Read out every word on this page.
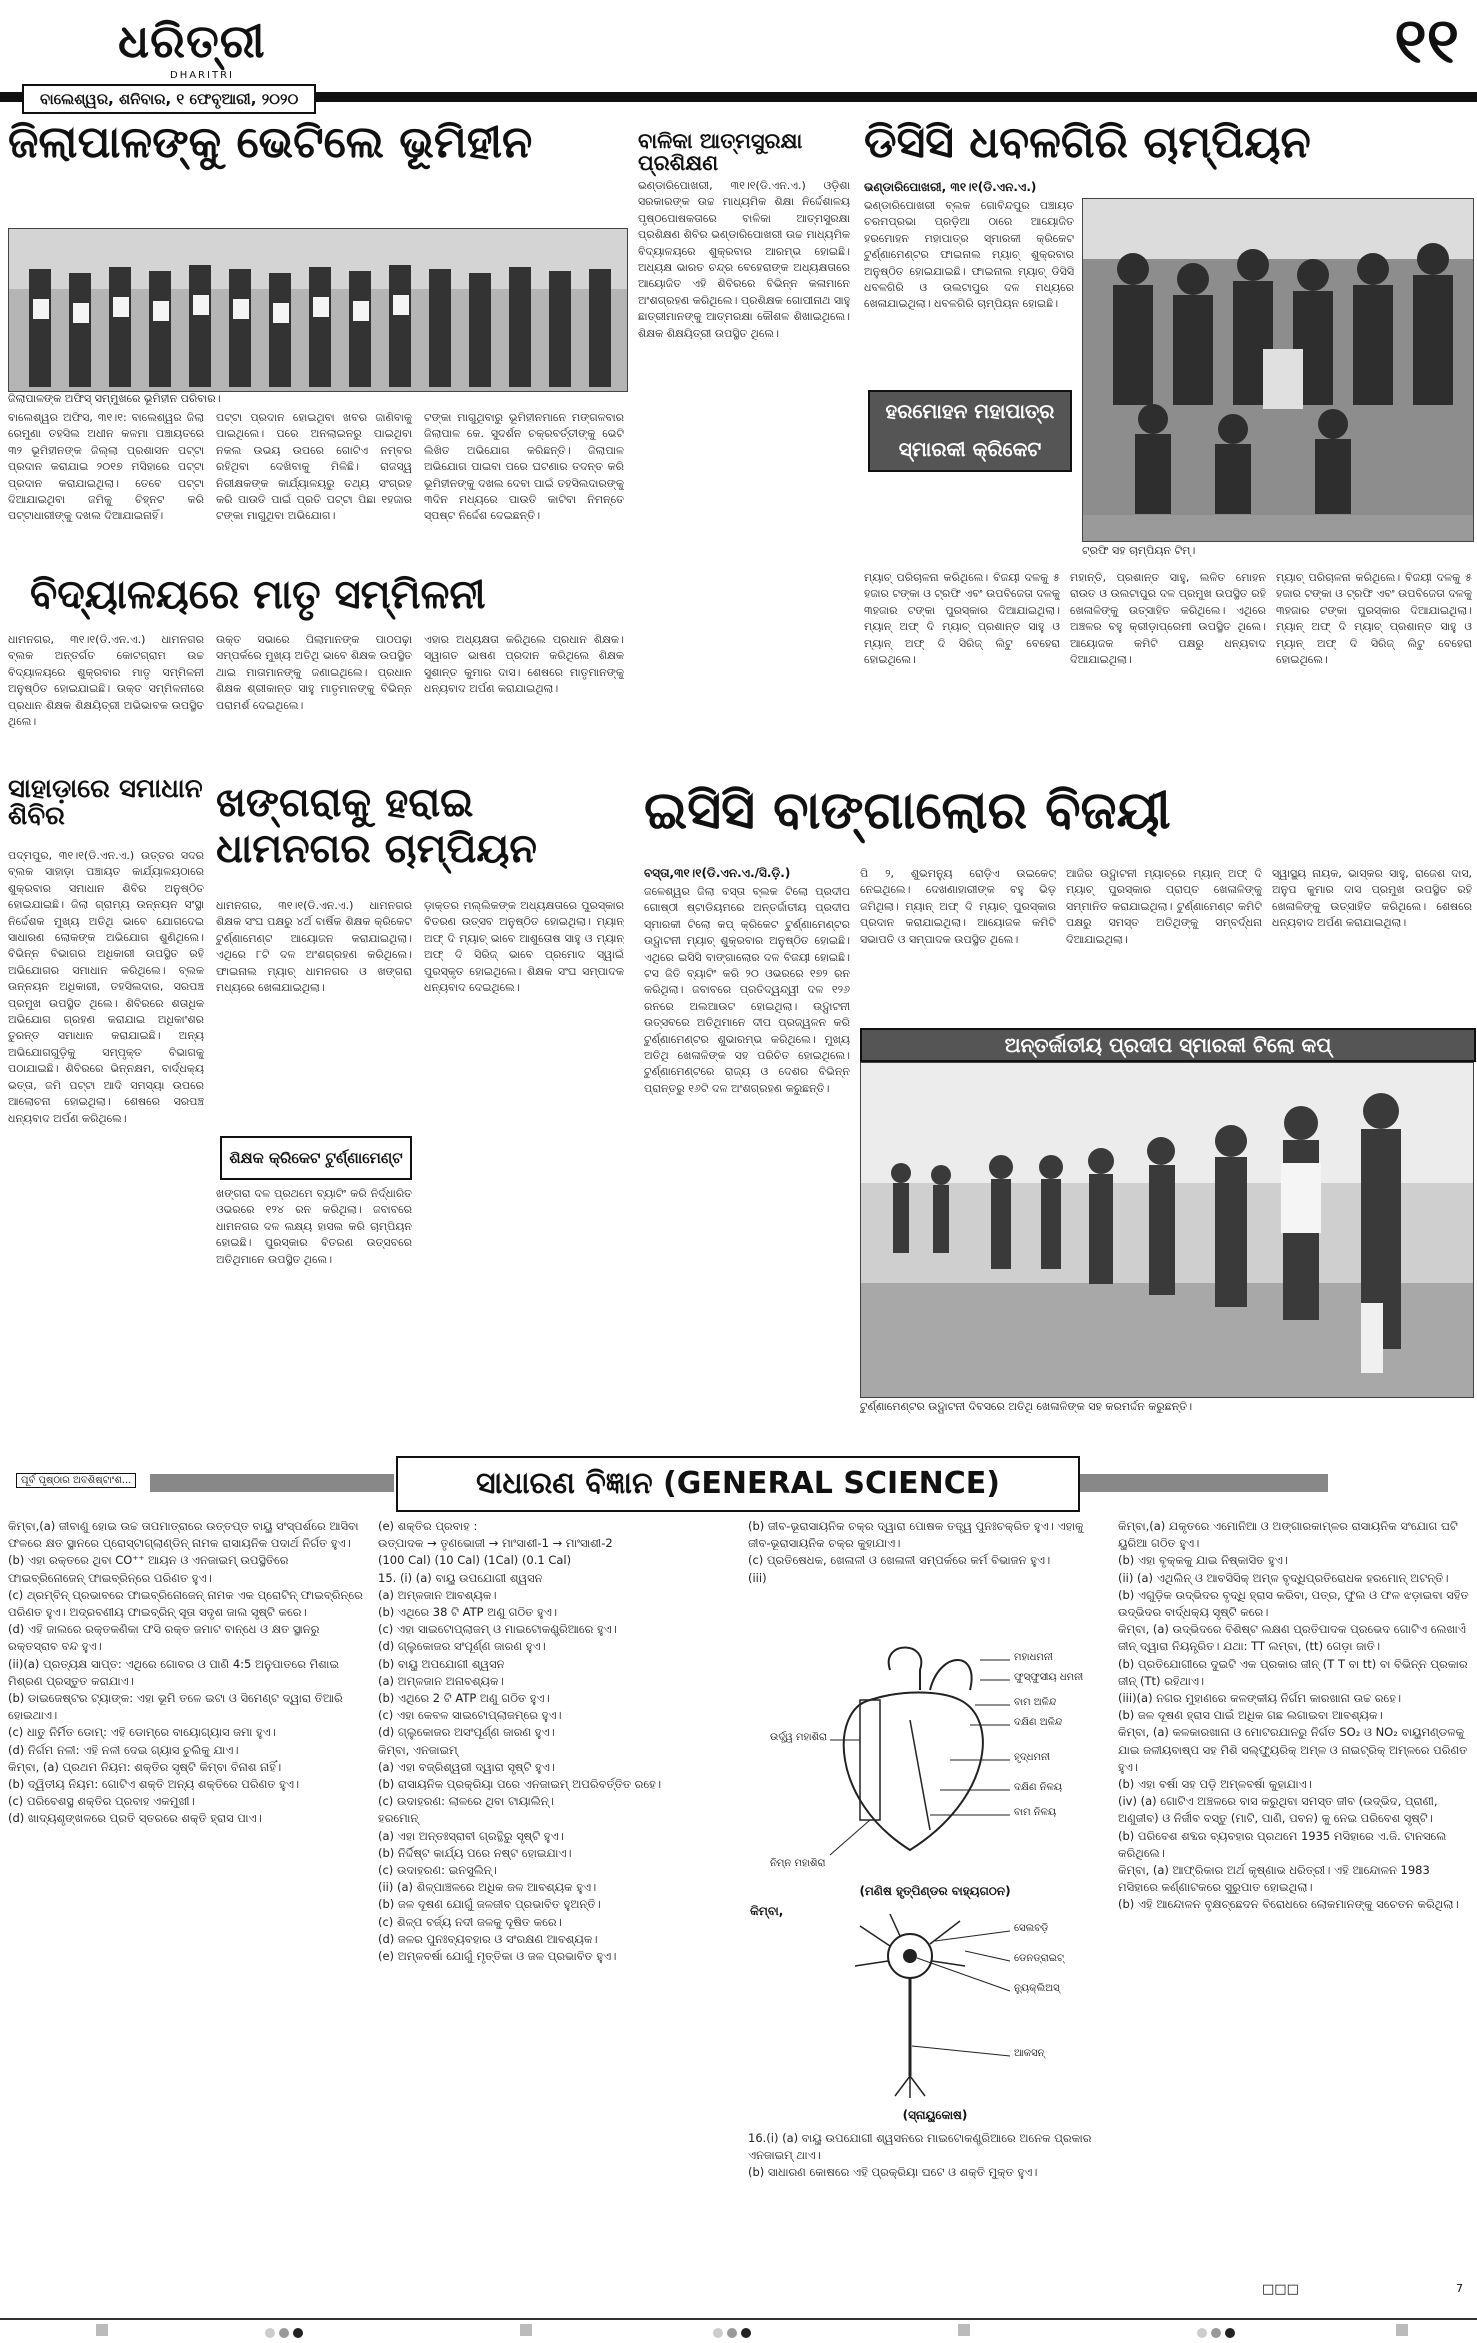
ଧରିତ୍ରୀ
DHARITRI	୧୧
ବାଲେଶ୍ୱର, ଶନିବାର, ୧ ଫେବୃଆରୀ, ୨୦୨୦
ଜିଲାପାଳଙ୍କୁ ଭେଟିଲେ ଭୂମିହୀନ
ଜିଲାପାଳଙ୍କ ଅଫିସ୍ ସମ୍ମୁଖରେ ଭୂମିହୀନ ପରିବାର।
ବାଲେଶ୍ୱର ଅଫିସ, ୩୧।୧: ବାଲେଶ୍ୱର ଜିଲା ରେମୁଣା ତହସିଲ ଅଧୀନ କଳମା ପଞ୍ଚାୟତରେ ୩୨ ଭୂମିହୀନଙ୍କ ଜିଲ୍ଲା ପ୍ରଶାସନ ପଟ୍ଟା ପ୍ରଦାନ କରାଯାଇ ୨୦୧୭ ମସିହାରେ ପଟ୍ଟା ପ୍ରଦାନ କରାଯାଇଥିଲା। ତେବେ ପଟ୍ଟା ଦିଆଯାଇଥିବା ଜମିକୁ ଚିହ୍ନଟ କରି ପଟ୍ଟାଧାରୀଙ୍କୁ ଦଖଲ ଦିଆଯାଇନାହିଁ।
ପଟ୍ଟା ପ୍ରଦାନ ହୋଇଥିବା ଖବର ଜାଣିବାକୁ ପାଇଥିଲେ। ପରେ ଅନଲାଇନରୁ ପାଇଥିବା ନକଲ ଉଭୟ ଉପରେ ଗୋଟିଏ ନମ୍ବର ରହିଥିବା ଦେଖିବାକୁ ମିଳିଛି। ରାଜସ୍ୱ ନିରୀକ୍ଷକଙ୍କ କାର୍ଯ୍ୟାଳୟରୁ ତଥ୍ୟ ସଂଗ୍ରହ କରି ପାଉତି ପାଇଁ ପ୍ରତି ପଟ୍ଟା ପିଛା ୧ହଜାର ଟଙ୍କା ମାଗୁଥିବା ଅଭିଯୋଗ।
ଟଙ୍କା ମାଗୁଥିବାରୁ ଭୂମିହୀନମାନେ ମଙ୍ଗଳବାର ଜିଲାପାଳ କେ. ସୁଦର୍ଶନ ଚକ୍ରବର୍ତ୍ତୀଙ୍କୁ ଭେଟି ଲିଖିତ ଅଭିଯୋଗ କରିଛନ୍ତି। ଜିଲାପାଳ ଅଭିଯୋଗ ପାଇବା ପରେ ଘଟଣାର ତଦନ୍ତ କରି ଭୂମିହୀନଙ୍କୁ ଦଖଲ ଦେବା ପାଇଁ ତହସିଲଦାରଙ୍କୁ ୩ଦିନ ମଧ୍ୟରେ ପାଉତି କାଟିବା ନିମନ୍ତେ ସ୍ପଷ୍ଟ ନିର୍ଦ୍ଦେଶ ଦେଇଛନ୍ତି।
ବିଦ୍ୟାଳୟରେ ମାତୃ ସମ୍ମିଳନୀ
ଧାମନଗର, ୩୧।୧(ଡି.ଏନ.ଏ.) ଧାମନଗର ବ୍ଲକ ଅନ୍ତର୍ଗତ କୋଟଗ୍ରାମ ଉଚ୍ଚ ବିଦ୍ୟାଳୟରେ ଶୁକ୍ରବାର ମାତୃ ସମ୍ମିଳନୀ ଅନୁଷ୍ଠିତ ହୋଇଯାଇଛି। ଉକ୍ତ ସମ୍ମିଳନୀରେ ପ୍ରଧାନ ଶିକ୍ଷକ ଶିକ୍ଷୟିତ୍ରୀ ଅଭିଭାବକ ଉପସ୍ଥିତ ଥିଲେ।
ଉକ୍ତ ସଭାରେ ପିଲାମାନଙ୍କ ପାଠପଢ଼ା ସମ୍ପର୍କରେ ମୁଖ୍ୟ ଅତିଥି ଭାବେ ଶିକ୍ଷକ ଉପସ୍ଥିତ ଥାଇ ମାତାମାନଙ୍କୁ ଜଣାଇଥିଲେ। ପ୍ରଧାନ ଶିକ୍ଷକ ଶ୍ରୀକାନ୍ତ ସାହୁ ମାତୃମାନଙ୍କୁ ବିଭିନ୍ନ ପରାମର୍ଶ ଦେଇଥିଲେ।
ଏହାର ଅଧ୍ୟକ୍ଷତା କରିଥିଲେ ପ୍ରଧାନ ଶିକ୍ଷକ। ସ୍ୱାଗତ ଭାଷଣ ପ୍ରଦାନ କରିଥିଲେ ଶିକ୍ଷକ ସୁଶାନ୍ତ କୁମାର ଦାସ। ଶେଷରେ ମାତୃମାନଙ୍କୁ ଧନ୍ୟବାଦ ଅର୍ପଣ କରାଯାଇଥିଲା।
ବାଳିକା ଆତ୍ମସୁରକ୍ଷା ପ୍ରଶିକ୍ଷଣ
ଭଣ୍ଡାରିପୋଖରୀ, ୩୧।୧(ଡି.ଏନ.ଏ.) ଓଡ଼ିଶା ସରକାରଙ୍କ ଉଚ୍ଚ ମାଧ୍ୟମିକ ଶିକ୍ଷା ନିର୍ଦ୍ଦେଶାଳୟ ପୃଷ୍ଠପୋଷକତାରେ ବାଳିକା ଆତ୍ମସୁରକ୍ଷା ପ୍ରଶିକ୍ଷଣ ଶିବିର ଭଣ୍ଡାରିପୋଖରୀ ଉଚ୍ଚ ମାଧ୍ୟମିକ ବିଦ୍ୟାଳୟରେ ଶୁକ୍ରବାର ଆରମ୍ଭ ହୋଇଛି। ଅଧ୍ୟକ୍ଷ ଭାରତ ଚନ୍ଦ୍ର ବେହେରାଙ୍କ ଅଧ୍ୟକ୍ଷତାରେ ଆୟୋଜିତ ଏହି ଶିବିରରେ ବିଭିନ୍ନ କଳାମାନେ ଅଂଶଗ୍ରହଣ କରିଥିଲେ। ପ୍ରଶିକ୍ଷକ ଗୋପୀନାଥ ସାହୁ ଛାତ୍ରୀମାନଙ୍କୁ ଆତ୍ମରକ୍ଷା କୌଶଳ ଶିଖାଇଥିଲେ। ଶିକ୍ଷକ ଶିକ୍ଷୟିତ୍ରୀ ଉପସ୍ଥିତ ଥିଲେ।
ଡିସିସି ଧବଳଗିରି ଚାମ୍ପିୟନ
ଭଣ୍ଡାରିପୋଖରୀ, ୩୧।୧(ଡି.ଏନ.ଏ.)
ଭଣ୍ଡାରିପୋଖରୀ ବ୍ଲକ ଗୋବିନ୍ଦପୁର ପଞ୍ଚାୟତ ଚରମପ୍ରଭା ପ୍ରଡ଼ିଆ ଠାରେ ଆୟୋଜିତ ହରମୋହନ ମହାପାତ୍ର ସ୍ମାରକୀ କ୍ରିକେଟ ଟୁର୍ଣ୍ଣାମେଣ୍ଟର ଫାଇନାଲ ମ୍ୟାଚ୍ ଶୁକ୍ରବାର ଅନୁଷ୍ଠିତ ହୋଇଯାଇଛି। ଫାଇନାଲ ମ୍ୟାଚ୍ ଡିସିସି ଧବଳଗିରି ଓ ଉଲଟାପୁର ଦଳ ମଧ୍ୟରେ ଖେଳାଯାଇଥିଲା। ଧବଳଗିରି ଚାମ୍ପିୟନ ହୋଇଛି।
ହରମୋହନ ମହାପାତ୍ର ସ୍ମାରକୀ କ୍ରିକେଟ
ଟ୍ରଫି ସହ ଚାମ୍ପିୟନ ଟିମ୍।
ମ୍ୟାଚ୍ ପରିଚାଳନା କରିଥିଲେ। ବିଜୟୀ ଦଳକୁ ୫ ହଜାର ଟଙ୍କା ଓ ଟ୍ରଫି ଏବଂ ଉପବିଜେତା ଦଳକୁ ୩ହଜାର ଟଙ୍କା ପୁରସ୍କାର ଦିଆଯାଇଥିଲା। ମ୍ୟାନ୍ ଅଫ୍ ଦି ମ୍ୟାଚ୍ ପ୍ରଶାନ୍ତ ସାହୁ ଓ ମ୍ୟାନ୍ ଅଫ୍ ଦି ସିରିଜ୍ ଲିଟୁ ବେହେରା ହୋଇଥିଲେ।
ମହାନ୍ତି, ପ୍ରଶାନ୍ତ ସାହୁ, ଲଳିତ ମୋହନ ରାଉତ ଓ ଉଲଟାପୁର ଦଳ ପ୍ରମୁଖ ଉପସ୍ଥିତ ରହି ଖେଳାଳିଙ୍କୁ ଉତ୍ସାହିତ କରିଥିଲେ। ଏଥିରେ ଅଞ୍ଚଳର ବହୁ କ୍ରୀଡ଼ାପ୍ରେମୀ ଉପସ୍ଥିତ ଥିଲେ। ଆୟୋଜକ କମିଟି ପକ୍ଷରୁ ଧନ୍ୟବାଦ ଦିଆଯାଇଥିଲା।
ମ୍ୟାଚ୍ ପରିଚାଳନା କରିଥିଲେ। ବିଜୟୀ ଦଳକୁ ୫ ହଜାର ଟଙ୍କା ଓ ଟ୍ରଫି ଏବଂ ଉପବିଜେତା ଦଳକୁ ୩ହଜାର ଟଙ୍କା ପୁରସ୍କାର ଦିଆଯାଇଥିଲା। ମ୍ୟାନ୍ ଅଫ୍ ଦି ମ୍ୟାଚ୍ ପ୍ରଶାନ୍ତ ସାହୁ ଓ ମ୍ୟାନ୍ ଅଫ୍ ଦି ସିରିଜ୍ ଲିଟୁ ବେହେରା ହୋଇଥିଲେ।
ସାହାଡ଼ାରେ ସମାଧାନ ଶିବିର
ପଦ୍ମପୁର, ୩୧।୧(ଡି.ଏନ.ଏ.) ଉତ୍ତର ସଦର ବ୍ଲକ ସାହାଡ଼ା ପଞ୍ଚାୟତ କାର୍ଯ୍ୟାଳୟଠାରେ ଶୁକ୍ରବାର ସମାଧାନ ଶିବିର ଅନୁଷ୍ଠିତ ହୋଇଯାଇଛି। ଜିଲା ଗ୍ରାମ୍ୟ ଉନ୍ନୟନ ସଂସ୍ଥା ନିର୍ଦ୍ଦେଶକ ମୁଖ୍ୟ ଅତିଥି ଭାବେ ଯୋଗଦେଇ ସାଧାରଣ ଲୋକଙ୍କ ଅଭିଯୋଗ ଶୁଣିଥିଲେ। ବିଭିନ୍ନ ବିଭାଗର ଅଧିକାରୀ ଉପସ୍ଥିତ ରହି ଅଭିଯୋଗର ସମାଧାନ କରିଥିଲେ। ବ୍ଲକ ଉନ୍ନୟନ ଅଧିକାରୀ, ତହସିଲଦାର, ସରପଞ୍ଚ ପ୍ରମୁଖ ଉପସ୍ଥିତ ଥିଲେ। ଶିବିରରେ ଶତାଧିକ ଅଭିଯୋଗ ଗ୍ରହଣ କରାଯାଇ ଅଧିକାଂଶର ତୁରନ୍ତ ସମାଧାନ କରାଯାଇଛି। ଅନ୍ୟ ଅଭିଯୋଗଗୁଡ଼ିକୁ ସମ୍ପୃକ୍ତ ବିଭାଗକୁ ପଠାଯାଇଛି। ଶିବିରରେ ଭିନ୍ନକ୍ଷମ, ବାର୍ଦ୍ଧକ୍ୟ ଭତ୍ତା, ଜମି ପଟ୍ଟା ଆଦି ସମସ୍ୟା ଉପରେ ଆଲୋଚନା ହୋଇଥିଲା। ଶେଷରେ ସରପଞ୍ଚ ଧନ୍ୟବାଦ ଅର୍ପଣ କରିଥିଲେ।
ଖଙ୍ଗରାକୁ ହରାଇ ଧାମନଗର ଚାମ୍ପିୟନ
ଧାମନଗର, ୩୧।୧(ଡି.ଏନ.ଏ.) ଧାମନଗର ଶିକ୍ଷକ ସଂଘ ପକ୍ଷରୁ ୪ର୍ଥ ବାର୍ଷିକ ଶିକ୍ଷକ କ୍ରିକେଟ ଟୁର୍ଣ୍ଣାମେଣ୍ଟ ଆୟୋଜନ କରାଯାଇଥିଲା। ଏଥିରେ ୮ଟି ଦଳ ଅଂଶଗ୍ରହଣ କରିଥିଲେ। ଫାଇନାଲ ମ୍ୟାଚ୍ ଧାମନଗର ଓ ଖଙ୍ଗରା ମଧ୍ୟରେ ଖେଳାଯାଇଥିଲା।
ଶିକ୍ଷକ କ୍ରିକେଟ ଟୁର୍ଣ୍ଣାମେଣ୍ଟ
ଖଙ୍ଗରା ଦଳ ପ୍ରଥମେ ବ୍ୟାଟିଂ କରି ନିର୍ଦ୍ଧାରିତ ଓଭରରେ ୧୨୪ ରନ କରିଥିଲା। ଜବାବରେ ଧାମନଗର ଦଳ ଲକ୍ଷ୍ୟ ହାସଲ କରି ଚାମ୍ପିୟନ ହୋଇଛି। ପୁରସ୍କାର ବିତରଣ ଉତ୍ସବରେ ଅତିଥିମାନେ ଉପସ୍ଥିତ ଥିଲେ।
ଡ଼ାକ୍ତର ମଲ୍ଲିକଙ୍କ ଅଧ୍ୟକ୍ଷତାରେ ପୁରସ୍କାର ବିତରଣ ଉତ୍ସବ ଅନୁଷ୍ଠିତ ହୋଇଥିଲା। ମ୍ୟାନ୍ ଅଫ୍ ଦି ମ୍ୟାଚ୍ ଭାବେ ଆଶୁତୋଷ ସାହୁ ଓ ମ୍ୟାନ୍ ଅଫ୍ ଦି ସିରିଜ୍ ଭାବେ ପ୍ରମୋଦ ସ୍ୱାଇଁ ପୁରସ୍କୃତ ହୋଇଥିଲେ। ଶିକ୍ଷକ ସଂଘ ସମ୍ପାଦକ ଧନ୍ୟବାଦ ଦେଇଥିଲେ।
ଇସିସି ବାଙ୍ଗାଲୋର ବିଜୟୀ
ବସ୍ତା,୩୧।୧(ଡି.ଏନ.ଏ./ସି.ଡ଼ି.)
ଜଳେଶ୍ୱର ଜିଲା ବସ୍ତା ବ୍ଲକ ଟିଲୋ ପ୍ରଦୀପ ଗୋଷ୍ଠୀ ଷ୍ଟାଡିୟମରେ ଅନ୍ତର୍ଜାତୀୟ ପ୍ରଦୀପ ସ୍ମାରକୀ ଟିଲୋ କପ୍ କ୍ରିକେଟ ଟୁର୍ଣ୍ଣାମେଣ୍ଟର ଉଦ୍ଘାଟନୀ ମ୍ୟାଚ୍ ଶୁକ୍ରବାର ଅନୁଷ୍ଠିତ ହୋଇଛି। ଏଥିରେ ଇସିସି ବାଙ୍ଗାଲୋର ଦଳ ବିଜୟୀ ହୋଇଛି। ଟସ ଜିତି ବ୍ୟାଟିଂ କରି ୨୦ ଓଭରରେ ୧୭୨ ରନ କରିଥିଲା। ଜବାବରେ ପ୍ରତିଦ୍ୱନ୍ଦ୍ୱୀ ଦଳ ୧୨୬ ରନରେ ଅଲଆଉଟ ହୋଇଥିଲା। ଉଦ୍ଘାଟନୀ ଉତ୍ସବରେ ଅତିଥିମାନେ ଦୀପ ପ୍ରଜ୍ୱଳନ କରି ଟୁର୍ଣ୍ଣାମେଣ୍ଟର ଶୁଭାରମ୍ଭ କରିଥିଲେ। ମୁଖ୍ୟ ଅତିଥି ଖେଳାଳିଙ୍କ ସହ ପରିଚିତ ହୋଇଥିଲେ। ଟୁର୍ଣ୍ଣାମେଣ୍ଟରେ ରାଜ୍ୟ ଓ ଦେଶର ବିଭିନ୍ନ ପ୍ରାନ୍ତରୁ ୧୬ଟି ଦଳ ଅଂଶଗ୍ରହଣ କରୁଛନ୍ତି।
ପି ୨, ଶୁଭମନ୍ୟୁ ରୋଡ଼ିଏ ଉଇକେଟ୍ ନେଇଥିଲେ। ଦେଖଣାହାରୀଙ୍କ ବହୁ ଭିଡ଼ ଜମିଥିଲା। ମ୍ୟାନ୍ ଅଫ୍ ଦି ମ୍ୟାଚ୍ ପୁରସ୍କାର ପ୍ରଦାନ କରାଯାଇଥିଲା। ଆୟୋଜକ କମିଟି ସଭାପତି ଓ ସମ୍ପାଦକ ଉପସ୍ଥିତ ଥିଲେ।
ଆଜିର ଉଦ୍ଘାଟନୀ ମ୍ୟାଚ୍‌ରେ ମ୍ୟାନ୍ ଅଫ୍ ଦି ମ୍ୟାଚ୍ ପୁରସ୍କାର ପ୍ରାପ୍ତ ଖେଳାଳିଙ୍କୁ ସମ୍ମାନିତ କରାଯାଇଥିଲା। ଟୁର୍ଣ୍ଣାମେଣ୍ଟ କମିଟି ପକ୍ଷରୁ ସମସ୍ତ ଅତିଥିଙ୍କୁ ସମ୍ବର୍ଦ୍ଧନା ଦିଆଯାଇଥିଲା।
ସ୍ୱାସ୍ଥ୍ୟ ନାୟକ, ଭାସ୍କର ସାହୁ, ରାଜେଶ ଦାସ, ଅନୁପ କୁମାର ଦାସ ପ୍ରମୁଖ ଉପସ୍ଥିତ ରହି ଖେଳାଳିଙ୍କୁ ଉତ୍ସାହିତ କରିଥିଲେ। ଶେଷରେ ଧନ୍ୟବାଦ ଅର୍ପଣ କରାଯାଇଥିଲା।
ଅନ୍ତର୍ଜାତୀୟ ପ୍ରଦୀପ ସ୍ମାରକୀ ଟିଲୋ କପ୍
ଟୁର୍ଣ୍ଣାମେଣ୍ଟର ଉଦ୍ଘାଟନୀ ଦିବସରେ ଅତିଥି ଖେଳାଳିଙ୍କ ସହ କରମର୍ଦ୍ଦନ କରୁଛନ୍ତି।
ପୂର୍ବ ପୃଷ୍ଠାର ଅବଶିଷ୍ଟାଂଶ...	ସାଧାରଣ ବିଜ୍ଞାନ (GENERAL SCIENCE)
କିମ୍ବା,(a) ଜୀବାଣୁ ହୋଇ ଉଚ୍ଚ ତାପମାତ୍ରାରେ ଉତ୍ତପ୍ତ ବାୟୁ ସଂସ୍ପର୍ଶରେ ଆସିବା ଫଳରେ କ୍ଷତ ସ୍ଥାନରେ ପ୍ରୋସ୍ଟାଗ୍ଲାଣ୍ଡିନ୍ ନାମକ ରାସାୟନିକ ପଦାର୍ଥ ନିର୍ଗତ ହୁଏ।
(b) ଏହା ରକ୍ତରେ ଥିବା CO⁺⁺ ଆୟନ ଓ ଏନଜାଇମ୍ ଉପସ୍ଥିତିରେ ଫାଇବ୍ରିନୋଜେନ୍ ଫାଇବ୍ରିନ୍‌ରେ ପରିଣତ ହୁଏ।
(c) ଥ୍ରମ୍ବିନ୍ ପ୍ରଭାବରେ ଫାଇବ୍ରିନୋଜେନ୍ ନାମକ ଏକ ପ୍ରୋଟିନ୍ ଫାଇବ୍ରିନ୍‌ରେ ପରିଣତ ହୁଏ। ଅଦ୍ରବଣୀୟ ଫାଇବ୍ରିନ୍ ସୂତା ସଦୃଶ ଜାଲ ସୃଷ୍ଟି କରେ।
(d) ଏହି ଜାଲରେ ରକ୍ତକଣିକା ଫସି ରକ୍ତ ଜମାଟ ବାନ୍ଧେ ଓ କ୍ଷତ ସ୍ଥାନରୁ ରକ୍ତସ୍ରାବ ବନ୍ଦ ହୁଏ।
(ii)(a) ପ୍ରତ୍ୟକ୍ଷ ସାପ୍ତ: ଏଥିରେ ଗୋବର ଓ ପାଣି 4:5 ଅନୁପାତରେ ମିଶାଇ ମିଶ୍ରଣ ପ୍ରସ୍ତୁତ କରାଯାଏ।
(b) ଡାଇଜେଷ୍ଟର ଟ୍ୟାଙ୍କ: ଏହା ଭୂମି ତଳେ ଇଟା ଓ ସିମେଣ୍ଟ ଦ୍ୱାରା ତିଆରି ହୋଇଥାଏ।
(c) ଧାତୁ ନିର୍ମିତ ଡୋମ୍: ଏହି ଡୋମ୍‌ରେ ବାୟୋଗ୍ୟାସ ଜମା ହୁଏ।
(d) ନିର୍ଗମ ନଳୀ: ଏହି ନଳୀ ଦେଇ ଗ୍ୟାସ ଚୁଲିକୁ ଯାଏ।
କିମ୍ବା, (a) ପ୍ରଥମ ନିୟମ: ଶକ୍ତିର ସୃଷ୍ଟି କିମ୍ବା ବିନାଶ ନାହିଁ।
(b) ଦ୍ୱିତୀୟ ନିୟମ: ଗୋଟିଏ ଶକ୍ତି ଅନ୍ୟ ଶକ୍ତିରେ ପରିଣତ ହୁଏ।
(c) ପରିବେଶସ୍ଥ ଶକ୍ତିର ପ୍ରବାହ ଏକମୁଖୀ।
(d) ଖାଦ୍ୟଶୃଙ୍ଖଳରେ ପ୍ରତି ସ୍ତରରେ ଶକ୍ତି ହ୍ରାସ ପାଏ।
(e) ଶକ୍ତିର ପ୍ରବାହ :
ଉତ୍ପାଦକ → ତୃଣଭୋଜୀ → ମାଂସାଶୀ-1 → ମାଂସାଶୀ-2
(100 Cal) (10 Cal) (1Cal) (0.1 Cal)
15. (i) (a) ବାୟୁ ଉପଯୋଗୀ ଶ୍ୱସନ
(a) ଅମ୍ଳଜାନ ଆବଶ୍ୟକ।
(b) ଏଥିରେ 38 ଟି ATP ଅଣୁ ଗଠିତ ହୁଏ।
(c) ଏହା ସାଇଟୋପ୍ଲାଜମ୍ ଓ ମାଇଟୋକଣ୍ଡ୍ରିଆରେ ହୁଏ।
(d) ଗ୍ଲୁକୋଜର ସଂପୂର୍ଣ୍ଣ ଜାରଣ ହୁଏ।
(b) ବାୟୁ ଅପଯୋଗୀ ଶ୍ୱସନ
(a) ଅମ୍ଳଜାନ ଅନାବଶ୍ୟକ।
(b) ଏଥିରେ 2 ଟି ATP ଅଣୁ ଗଠିତ ହୁଏ।
(c) ଏହା କେବଳ ସାଇଟୋପ୍ଲାଜମ୍‌ରେ ହୁଏ।
(d) ଗ୍ଲୁକୋଜର ଅସଂପୂର୍ଣ୍ଣ ଜାରଣ ହୁଏ।
କିମ୍ବା, ଏନଜାଇମ୍
(a) ଏହା ବଜ୍ରିଶ୍ୱରୀ ଦ୍ୱାରା ସୃଷ୍ଟି ହୁଏ।
(b) ରାସାୟନିକ ପ୍ରକ୍ରିୟା ପରେ ଏନଜାଇମ୍ ଅପରିବର୍ତ୍ତିତ ରହେ।
(c) ଉଦାହରଣ: ଲାଳରେ ଥିବା ଟାୟାଲିନ୍।
ହରମୋନ୍
(a) ଏହା ଅନ୍ତଃସ୍ରାବୀ ଗ୍ରନ୍ଥିରୁ ସୃଷ୍ଟି ହୁଏ।
(b) ନିର୍ଦ୍ଦିଷ୍ଟ କାର୍ଯ୍ୟ ପରେ ନଷ୍ଟ ହୋଇଯାଏ।
(c) ଉଦାହରଣ: ଇନସୁଲିନ୍।
(ii) (a) ଶିଳ୍ପାଞ୍ଚଳରେ ଅଧିକ ଜଳ ଆବଶ୍ୟକ ହୁଏ।
(b) ଜଳ ଦୂଷଣ ଯୋଗୁଁ ଜଳଜୀବ ପ୍ରଭାବିତ ହୁଅନ୍ତି।
(c) ଶିଳ୍ପ ବର୍ଜ୍ୟ ନଦୀ ଜଳକୁ ଦୂଷିତ କରେ।
(d) ଜଳର ପୁନଃବ୍ୟବହାର ଓ ସଂରକ୍ଷଣ ଆବଶ୍ୟକ।
(e) ଅମ୍ଳବର୍ଷା ଯୋଗୁଁ ମୃତ୍ତିକା ଓ ଜଳ ପ୍ରଭାବିତ ହୁଏ।
(b) ଜୀବ-ଭୂରାସାୟନିକ ଚକ୍ର ଦ୍ୱାରା ପୋଷକ ତତ୍ତ୍ୱ ପୁନଃଚକ୍ରିତ ହୁଏ। ଏହାକୁ ଜୀବ-ଭୂରାସାୟନିକ ଚକ୍ର କୁହାଯାଏ।
(c) ପ୍ରତିଷେଧକ, ଖେଳାଳୀ ଓ ଖେଳାଳୀ ସମ୍ପର୍କରେ କର୍ମ ବିଭାଜନ ହୁଏ।
(iii)
ମହାଧମନୀ
ଫୁସ୍‌ଫୁସୀୟ ଧମନୀ
ବାମ ଅଳିନ୍ଦ
ଦକ୍ଷିଣ ଅଳିନ୍ଦ
ହୃଦ୍‌ଧମନୀ
ଦକ୍ଷିଣ ନିଳୟ
ବାମ ନିଳୟ
ଉର୍ଦ୍ଧ୍ୱ ମହାଶିରା
ନିମ୍ନ ମହାଶିରା
(ମଣିଷ ହୃତ୍‌ପିଣ୍ଡର ବାହ୍ୟଗଠନ)
କିମ୍ବା,
ସେଲବଡ଼ି
ଡେନଡ୍ରାଇଟ୍
ନ୍ୟୁକ୍ଲିଅସ୍
ଆକସନ୍
(ସ୍ନାୟୁକୋଷ)
16.(i) (a) ବାୟୁ ଉପଯୋଗୀ ଶ୍ୱସନରେ ମାଇଟୋକଣ୍ଡ୍ରିଆରେ ଅନେକ ପ୍ରକାର ଏନଜାଇମ୍ ଥାଏ।
(b) ସାଧାରଣ କୋଷରେ ଏହି ପ୍ରକ୍ରିୟା ଘଟେ ଓ ଶକ୍ତି ମୁକ୍ତ ହୁଏ।
କିମ୍ବା,(a) ଯକୃତରେ ଏମୋନିଆ ଓ ଅଙ୍ଗାରକାମ୍ଳର ରାସାୟନିକ ସଂଯୋଗ ଘଟି ୟୁରିଆ ଗଠିତ ହୁଏ।
(b) ଏହା ବୃକ୍କକୁ ଯାଇ ନିଷ୍କାସିତ ହୁଏ।
(ii) (a) ଏଥିଲିନ୍ ଓ ଆବସିସିକ୍ ଅମ୍ଳ ବୃଦ୍ଧିପ୍ରତିରୋଧକ ହରମୋନ୍ ଅଟନ୍ତି।
(b) ଏଗୁଡ଼ିକ ଉଦ୍ଭିଦର ବୃଦ୍ଧି ହ୍ରାସ କରିବା, ପତ୍ର, ଫୁଲ ଓ ଫଳ ଝଡ଼ାଇବା ସହିତ ଉଦ୍ଭିଦର ବାର୍ଦ୍ଧକ୍ୟ ସୃଷ୍ଟି କରେ।
କିମ୍ବା, (a) ଉଦ୍ଭିଦରେ ବିଶିଷ୍ଟ ଲକ୍ଷଣ ପ୍ରତିପାଦକ ପ୍ରଭେଦ ଗୋଟିଏ ଲେଖାଏଁ ଜୀନ୍ ଦ୍ୱାରା ନିୟନ୍ତ୍ରିତ। ଯଥା: TT ଲମ୍ବା, (tt) ଗେଡ଼ା ଜାତି।
(b) ପ୍ରତିଯୋଗୀରେ ଦୁଇଟି ଏକ ପ୍ରକାର ଜୀନ୍ (T T ବା tt) ବା ବିଭିନ୍ନ ପ୍ରକାର ଜୀନ୍ (Tt) ରହିଥାଏ।
(iii)(a) ନଗର ମୁହାଣରେ କଳଙ୍କୀୟ ନିର୍ଗମ କାରଖାନା ଉଚ୍ଚ ରହେ।
(b) ଜଳ ଦୂଷଣ ହ୍ରାସ ପାଇଁ ଅଧିକ ଗଛ ଲଗାଇବା ଆବଶ୍ୟକ।
କିମ୍ବା, (a) କଳକାରଖାନା ଓ ମୋଟରଯାନରୁ ନିର୍ଗତ SO₂ ଓ NO₂ ବାୟୁମଣ୍ଡଳକୁ ଯାଇ ଜଳୀୟବାଷ୍ପ ସହ ମିଶି ସଲ୍‌ଫ୍ୟୁରିକ୍ ଅମ୍ଳ ଓ ନାଇଟ୍ରିକ୍ ଅମ୍ଳରେ ପରିଣତ ହୁଏ।
(b) ଏହା ବର୍ଷା ସହ ପଡ଼ି ଅମ୍ଳବର୍ଷା କୁହାଯାଏ।
(iv) (a) ଗୋଟିଏ ଅଞ୍ଚଳରେ ବାସ କରୁଥିବା ସମସ୍ତ ଜୀବ (ଉଦ୍ଭିଦ, ପ୍ରାଣୀ, ଅଣୁଜୀବ) ଓ ନିର୍ଜୀବ ବସ୍ତୁ (ମାଟି, ପାଣି, ପବନ) କୁ ନେଇ ପରିବେଶ ସୃଷ୍ଟି।
(b) ପରିବେଶ ଶବ୍ଦର ବ୍ୟବହାର ପ୍ରଥମେ 1935 ମସିହାରେ ଏ.ଜି. ଟାନସଲେ କରିଥିଲେ।
କିମ୍ବା, (a) ଆଫ୍ରିକାର ଅର୍ଥ କୃଷ୍ଣାଭ ଧରିତ୍ରୀ। ଏହି ଆନ୍ଦୋଳନ 1983 ମସିହାରେ କର୍ଣ୍ଣାଟକରେ ସୁରୁପାତ ହୋଇଥିଲା।
(b) ଏହି ଆନ୍ଦୋଳନ ବୃକ୍ଷଚ୍ଛେଦନ ବିରୋଧରେ ଲୋକମାନଙ୍କୁ ସଚେତନ କରିଥିଲା।
□□□	7
